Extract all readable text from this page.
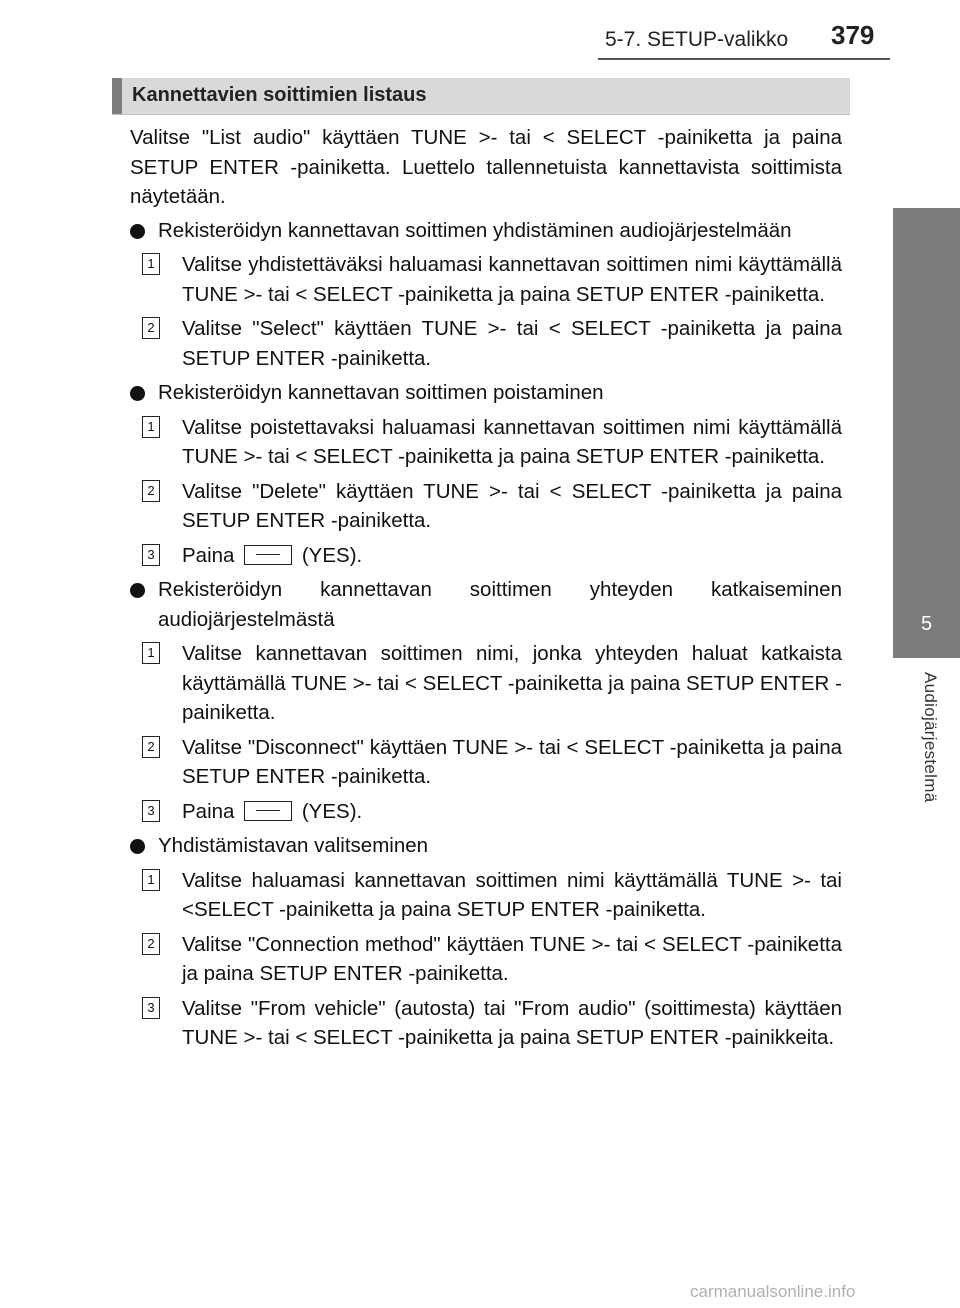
5-7. SETUP-valikko 379
5
Audiojärjestelmä
Kannettavien soittimien listaus

Valitse "List audio" käyttäen TUNE >- tai < SELECT -painiketta ja paina SETUP ENTER -painiketta. Luettelo tallennetuista kannettavista soittimista näytetään.

Rekisteröidyn kannettavan soittimen yhdistäminen audiojärjestelmään
1 Valitse yhdistettäväksi haluamasi kannettavan soittimen nimi käyttämällä TUNE >- tai < SELECT -painiketta ja paina SETUP ENTER -painiketta.
2 Valitse "Select" käyttäen TUNE >- tai < SELECT -painiketta ja paina SETUP ENTER -painiketta.
Rekisteröidyn kannettavan soittimen poistaminen
1 Valitse poistettavaksi haluamasi kannettavan soittimen nimi käyttämällä TUNE >- tai < SELECT -painiketta ja paina SETUP ENTER -painiketta.
2 Valitse "Delete" käyttäen TUNE >- tai < SELECT -painiketta ja paina SETUP ENTER -painiketta.
3 Paina	(YES).
Rekisteröidyn kannettavan soittimen yhteyden katkaiseminen audiojärjestelmästä
1 Valitse kannettavan soittimen nimi, jonka yhteyden haluat katkaista käyttämällä TUNE >- tai < SELECT -painiketta ja paina SETUP ENTER -painiketta.
2 Valitse "Disconnect" käyttäen TUNE >- tai < SELECT -painiketta ja paina SETUP ENTER -painiketta.
3 Paina	(YES).
Yhdistämistavan valitseminen
1 Valitse haluamasi kannettavan soittimen nimi käyttämällä TUNE >- tai <SELECT -painiketta ja paina SETUP ENTER -painiketta.
2 Valitse "Connection method" käyttäen TUNE >- tai < SELECT -painiketta ja paina SETUP ENTER -painiketta.
3 Valitse "From vehicle" (autosta) tai "From audio" (soittimesta) käyttäen TUNE >- tai < SELECT -painiketta ja paina SETUP ENTER -painikkeita.
carmanualsonline.info
